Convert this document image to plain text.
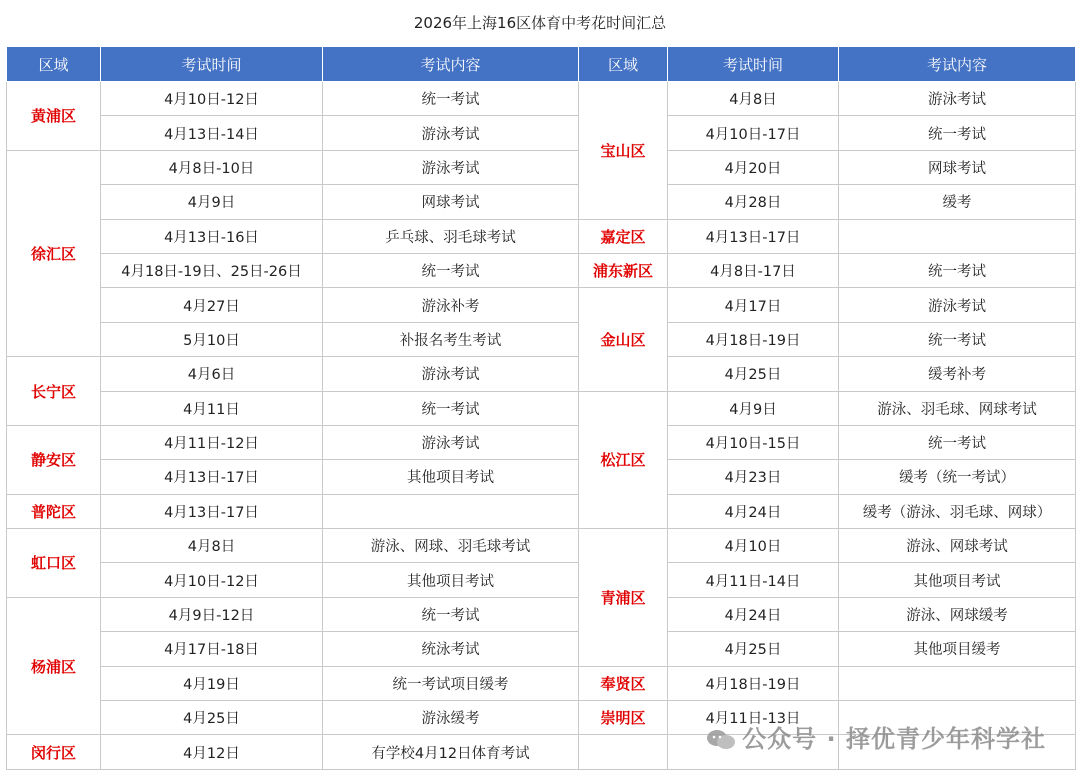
2026年上海16区体育中考花时间汇总
区域	考试时间	考试内容	区域	考试时间	考试内容
黄浦区	4月10日-12日	统一考试	宝山区	4月8日	游泳考试
	4月13日-14日	游泳考试		4月10日-17日	统一考试
徐汇区	4月8日-10日	游泳考试		4月20日	网球考试
	4月9日	网球考试		4月28日	缓考
	4月13日-16日	乒乓球、羽毛球考试	嘉定区	4月13日-17日	
	4月18日-19日、25日-26日	统一考试	浦东新区	4月8日-17日	统一考试
	4月27日	游泳补考	金山区	4月17日	游泳考试
	5月10日	补报名考生考试		4月18日-19日	统一考试
长宁区	4月6日	游泳考试		4月25日	缓考补考
	4月11日	统一考试	松江区	4月9日	游泳、羽毛球、网球考试
静安区	4月11日-12日	游泳考试		4月10日-15日	统一考试
	4月13日-17日	其他项目考试		4月23日	缓考（统一考试）
普陀区	4月13日-17日			4月24日	缓考（游泳、羽毛球、网球）
虹口区	4月8日	游泳、网球、羽毛球考试	青浦区	4月10日	游泳、网球考试
	4月10日-12日	其他项目考试		4月11日-14日	其他项目考试
杨浦区	4月9日-12日	统一考试		4月24日	游泳、网球缓考
	4月17日-18日	统泳考试		4月25日	其他项目缓考
	4月19日	统一考试项目缓考	奉贤区	4月18日-19日	
	4月25日	游泳缓考	崇明区	4月11日-13日	
闵行区	4月12日	有学校4月12日体育考试			
公众号 · 择优青少年科学社
